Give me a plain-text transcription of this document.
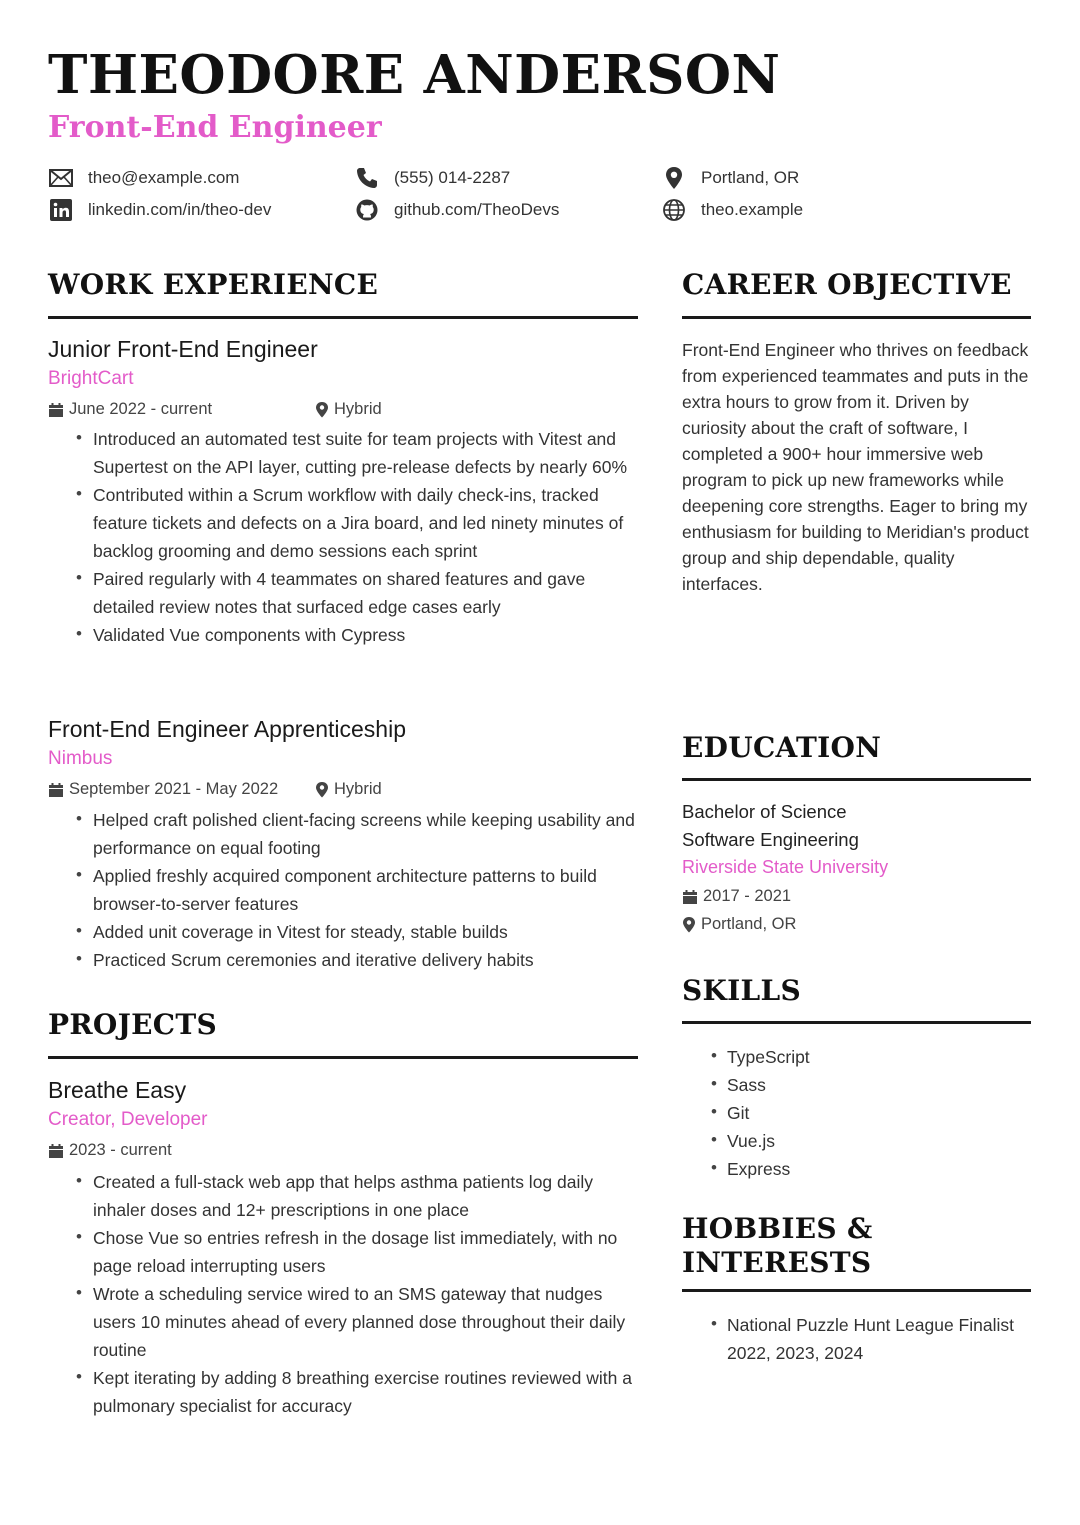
THEODORE ANDERSON
Front-End Engineer
theo@example.com
linkedin.com/in/theo-dev
(555) 014-2287
github.com/TheoDevs
Portland, OR
theo.example
WORK EXPERIENCE
Junior Front-End Engineer
BrightCart
June 2022 - current	Hybrid
• Introduced an automated test suite for team projects with Vitest and Supertest on the API layer, cutting pre-release defects by nearly 60%
• Contributed within a Scrum workflow with daily check-ins, tracked feature tickets and defects on a Jira board, and led ninety minutes of backlog grooming and demo sessions each sprint
• Paired regularly with 4 teammates on shared features and gave detailed review notes that surfaced edge cases early
• Validated Vue components with Cypress
Front-End Engineer Apprenticeship
Nimbus
September 2021 - May 2022	Hybrid
• Helped craft polished client-facing screens while keeping usability and performance on equal footing
• Applied freshly acquired component architecture patterns to build browser-to-server features
• Added unit coverage in Vitest for steady, stable builds
• Practiced Scrum ceremonies and iterative delivery habits
PROJECTS
Breathe Easy
Creator, Developer
2023 - current
• Created a full-stack web app that helps asthma patients log daily inhaler doses and 12+ prescriptions in one place
• Chose Vue so entries refresh in the dosage list immediately, with no page reload interrupting users
• Wrote a scheduling service wired to an SMS gateway that nudges users 10 minutes ahead of every planned dose throughout their daily routine
• Kept iterating by adding 8 breathing exercise routines reviewed with a pulmonary specialist for accuracy
CAREER OBJECTIVE
Front-End Engineer who thrives on feedback from experienced teammates and puts in the extra hours to grow from it. Driven by curiosity about the craft of software, I completed a 900+ hour immersive web program to pick up new frameworks while deepening core strengths. Eager to bring my enthusiasm for building to Meridian's product group and ship dependable, quality interfaces.
EDUCATION
Bachelor of Science
Software Engineering
Riverside State University
2017 - 2021
Portland, OR
SKILLS
• TypeScript
• Sass
• Git
• Vue.js
• Express
HOBBIES &
INTERESTS
• National Puzzle Hunt League Finalist 2022, 2023, 2024
